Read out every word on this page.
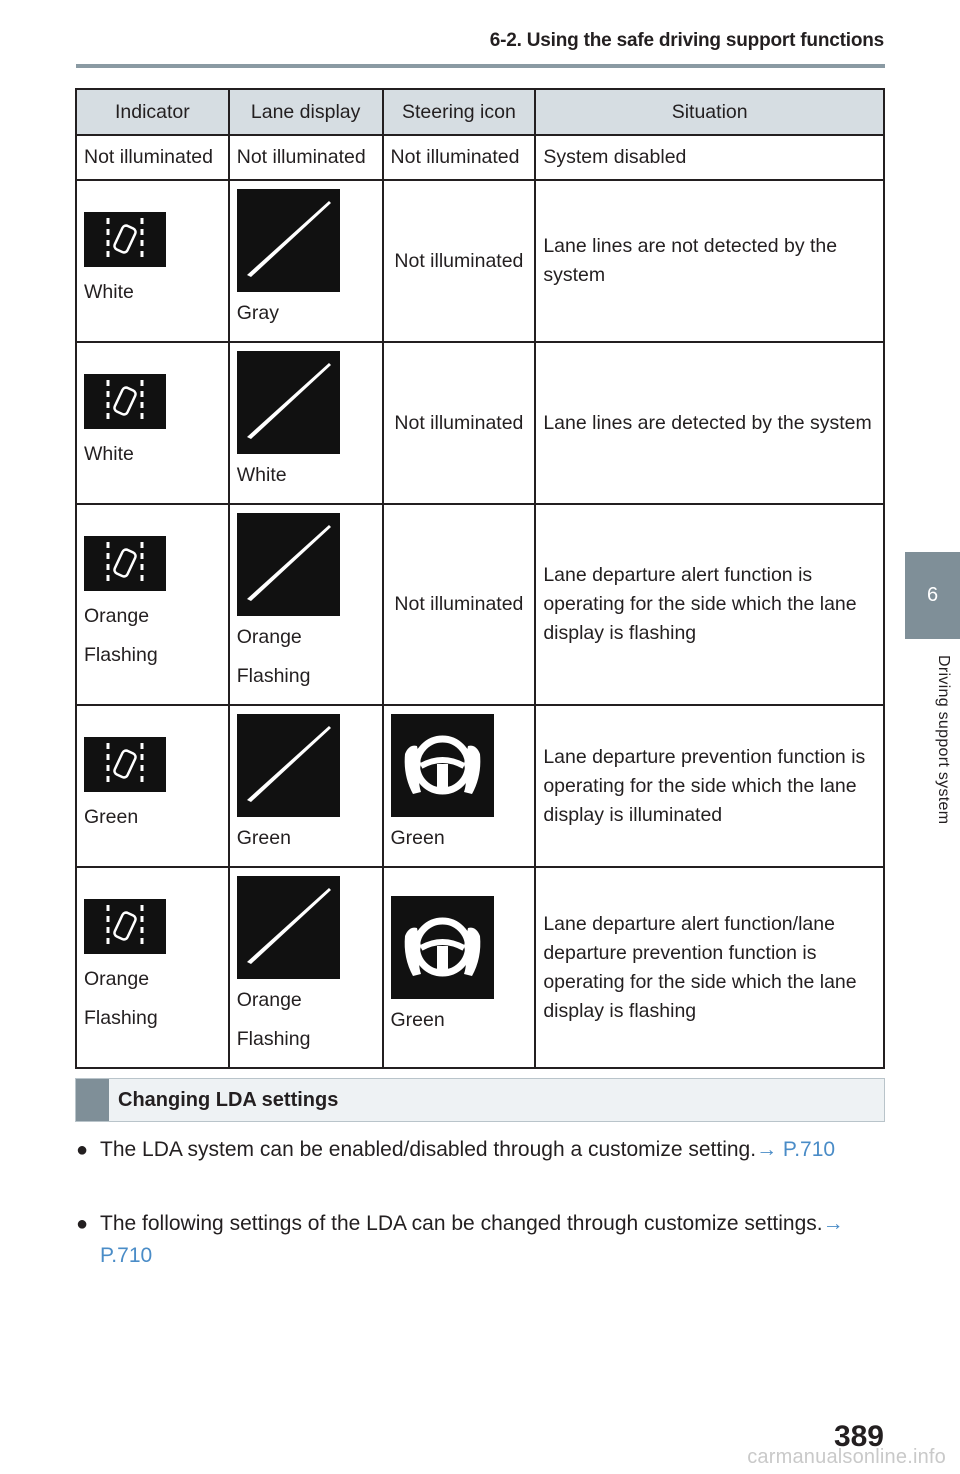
6-2. Using the safe driving support functions
6
Driving support system
Indicator	Lane display	Steering icon	Situation
Not illuminated	Not illuminated	Not illuminated	System disabled

White	Gray	Not illuminated	Lane lines are not detected by the system

White	White	Not illuminated	Lane lines are detected by the system

Orange
Flashing	Orange
Flashing	Not illuminated	Lane departure alert function is operating for the side which the lane display is flashing

Green	Green	Green	Lane departure prevention function is operating for the side which the lane display is illuminated

Orange
Flashing	Orange
Flashing	Green	Lane departure alert function/lane departure prevention function is operating for the side which the lane display is flashing
Changing LDA settings
● The LDA system can be enabled/disabled through a customize setting.→ P.710
● The following settings of the LDA can be changed through customize settings.→ P.710
389
carmanualsonline.info
